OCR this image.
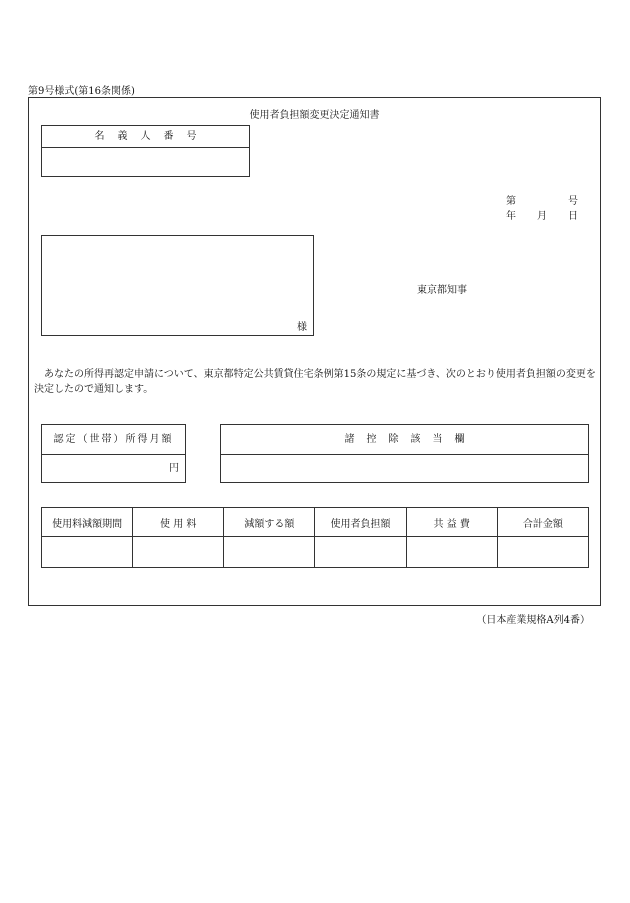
第9号様式(第16条関係)
使用者負担額変更決定通知書
名義人番号
第	号
年 月 日
様
東京都知事
あなたの所得再認定申請について、東京都特定公共賃貸住宅条例第15条の規定に基づき、次のとおり使用者負担額の変更を決定したので通知します。
認定（世帯）所得月額
円
諸控除該当欄
使用料減額期間	使 用 料	減額する額	使用者負担額	共 益 費	合計金額

（日本産業規格A列4番）
